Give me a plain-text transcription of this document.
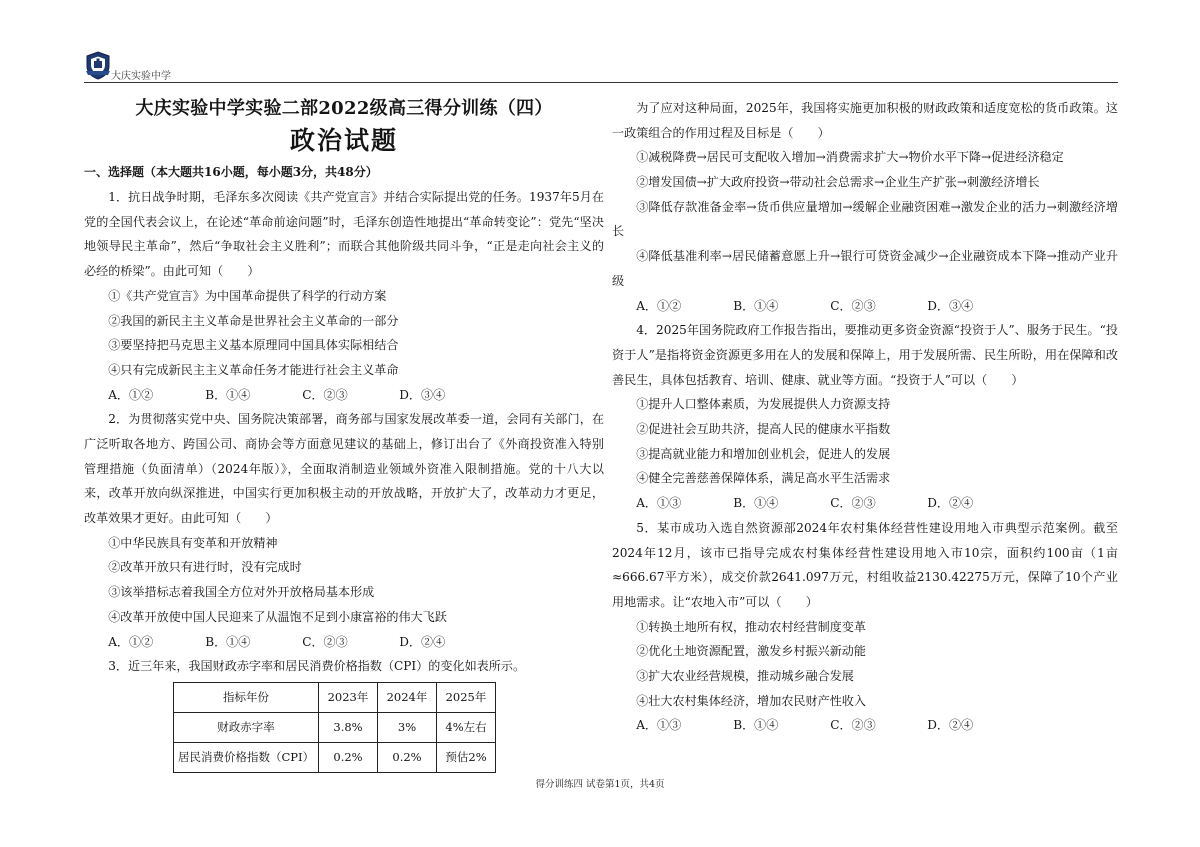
大庆实验中学
大庆实验中学实验二部2022级高三得分训练（四）
政治试题
一、选择题（本大题共16小题，每小题3分，共48分）

1．抗日战争时期，毛泽东多次阅读《共产党宣言》并结合实际提出党的任务。1937年5月在党的全国代表会议上，在论述“革命前途问题”时，毛泽东创造性地提出“革命转变论”：党先“坚决地领导民主革命”，然后“争取社会主义胜利”；而联合其他阶级共同斗争，“正是走向社会主义的必经的桥梁”。由此可知（　　）

①《共产党宣言》为中国革命提供了科学的行动方案

②我国的新民主主义革命是世界社会主义革命的一部分

③要坚持把马克思主义基本原理同中国具体实际相结合

④只有完成新民主主义革命任务才能进行社会主义革命

A．①②	B．①④	C．②③	D．③④

2．为贯彻落实党中央、国务院决策部署，商务部与国家发展改革委一道，会同有关部门，在广泛听取各地方、跨国公司、商协会等方面意见建议的基础上，修订出台了《外商投资准入特别管理措施（负面清单）（2024年版）》，全面取消制造业领域外资准入限制措施。党的十八大以来，改革开放向纵深推进，中国实行更加积极主动的开放战略，开放扩大了，改革动力才更足，改革效果才更好。由此可知（　　）

①中华民族具有变革和开放精神

②改革开放只有进行时，没有完成时

③该举措标志着我国全方位对外开放格局基本形成

④改革开放使中国人民迎来了从温饱不足到小康富裕的伟大飞跃

A．①②	B．①④	C．②③	D．②④

3．近三年来，我国财政赤字率和居民消费价格指数（CPI）的变化如表所示。

指标年份	2023年	2024年	2025年
财政赤字率	3.8%	3%	4%左右
居民消费价格指数（CPI）	0.2%	0.2%	预估2%

为了应对这种局面，2025年，我国将实施更加积极的财政政策和适度宽松的货币政策。这一政策组合的作用过程及目标是（　　）

①减税降费→居民可支配收入增加→消费需求扩大→物价水平下降→促进经济稳定

②增发国债→扩大政府投资→带动社会总需求→企业生产扩张→刺激经济增长

③降低存款准备金率→货币供应量增加→缓解企业融资困难→激发企业的活力→刺激经济增长

④降低基准利率→居民储蓄意愿上升→银行可贷资金减少→企业融资成本下降→推动产业升级

A．①②	B．①④	C．②③	D．③④

4．2025年国务院政府工作报告指出，要推动更多资金资源“投资于人”、服务于民生。“投资于人”是指将资金资源更多用在人的发展和保障上，用于发展所需、民生所盼，用在保障和改善民生，具体包括教育、培训、健康、就业等方面。“投资于人”可以（　　）

①提升人口整体素质，为发展提供人力资源支持

②促进社会互助共济，提高人民的健康水平指数

③提高就业能力和增加创业机会，促进人的发展

④健全完善慈善保障体系，满足高水平生活需求

A．①③	B．①④	C．②③	D．②④

5．某市成功入选自然资源部2024年农村集体经营性建设用地入市典型示范案例。截至2024年12月，该市已指导完成农村集体经营性建设用地入市10宗，面积约100亩（1亩≈666.67平方米），成交价款2641.097万元，村组收益2130.42275万元，保障了10个产业用地需求。让“农地入市”可以（　　）

①转换土地所有权，推动农村经营制度变革

②优化土地资源配置，激发乡村振兴新动能

③扩大农业经营规模，推动城乡融合发展

④壮大农村集体经济，增加农民财产性收入

A．①③	B．①④	C．②③	D．②④
得分训练四 试卷第1页，共4页
